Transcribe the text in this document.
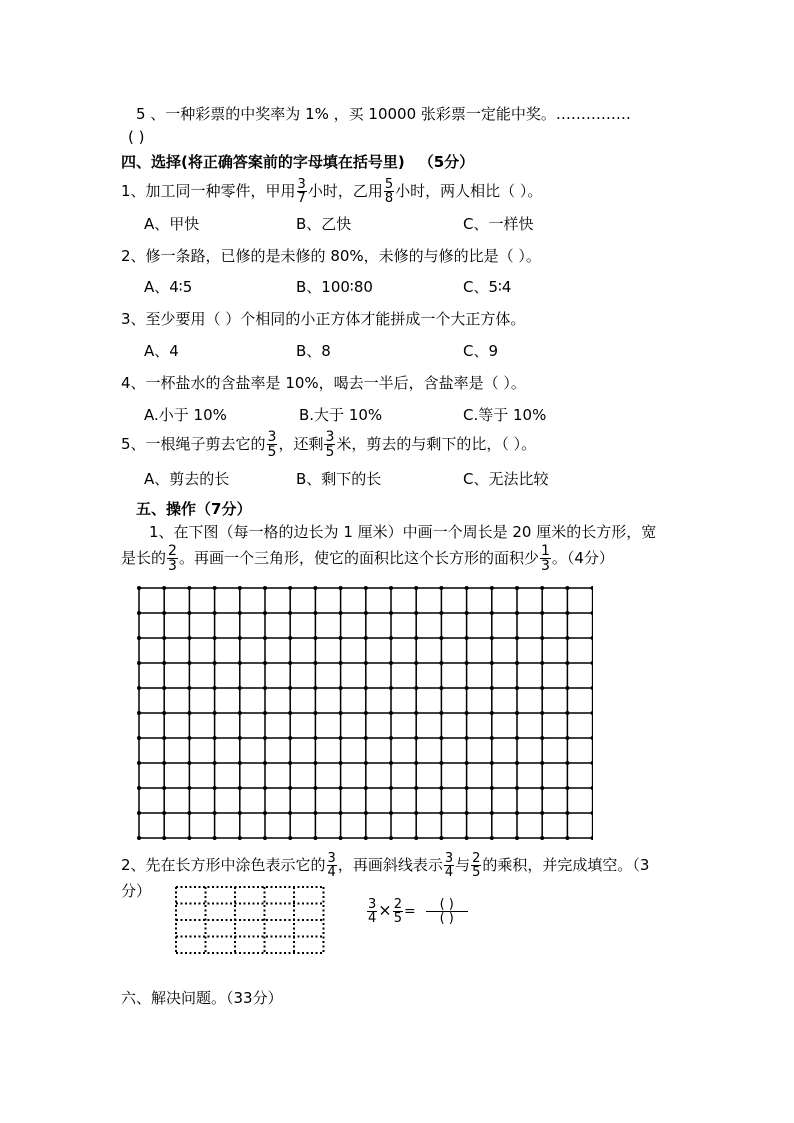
5 、一种彩票的中奖率为 1% ，买 10000 张彩票一定能中奖。……………
( )
四、选择(将正确答案前的字母填在括号里) （5分）
1、加工同一种零件，甲用 $\frac{3}{7}$ 小时，乙用 $\frac{5}{8}$ 小时，两人相比（ ）。
A、甲快	B、乙快	C、一样快
2、修一条路，已修的是未修的 80%，未修的与修的比是（ ）。
A、4∶5	B、100∶80	C、5∶4
3、至少要用（ ）个相同的小正方体才能拼成一个大正方体。
A、4	B、8	C、9
4、一杯盐水的含盐率是 10%，喝去一半后，含盐率是（ ）。
A.小于 10%	B.大于 10%	C.等于 10%
5、一根绳子剪去它的 $\frac{3}{5}$ ，还剩 $\frac{3}{5}$ 米，剪去的与剩下的比，（ ）。
A、剪去的长	B、剩下的长	C、无法比较
五、操作（7分）
1、在下图（每一格的边长为 1 厘米）中画一个周长是 20 厘米的长方形，宽
是长的 $\frac{2}{3}$ 。再画一个三角形，使它的面积比这个长方形的面积少 $\frac{1}{3}$ 。（4分）
2、先在长方形中涂色表示它的 $\frac{3}{4}$ ，再画斜线表示 $\frac{3}{4}$ 与 $\frac{2}{5}$ 的乘积，并完成填空。（3
分）
$\frac{3}{4} \times \frac{2}{5} = \frac{( )}{( )}$
六、解决问题。（33分）
